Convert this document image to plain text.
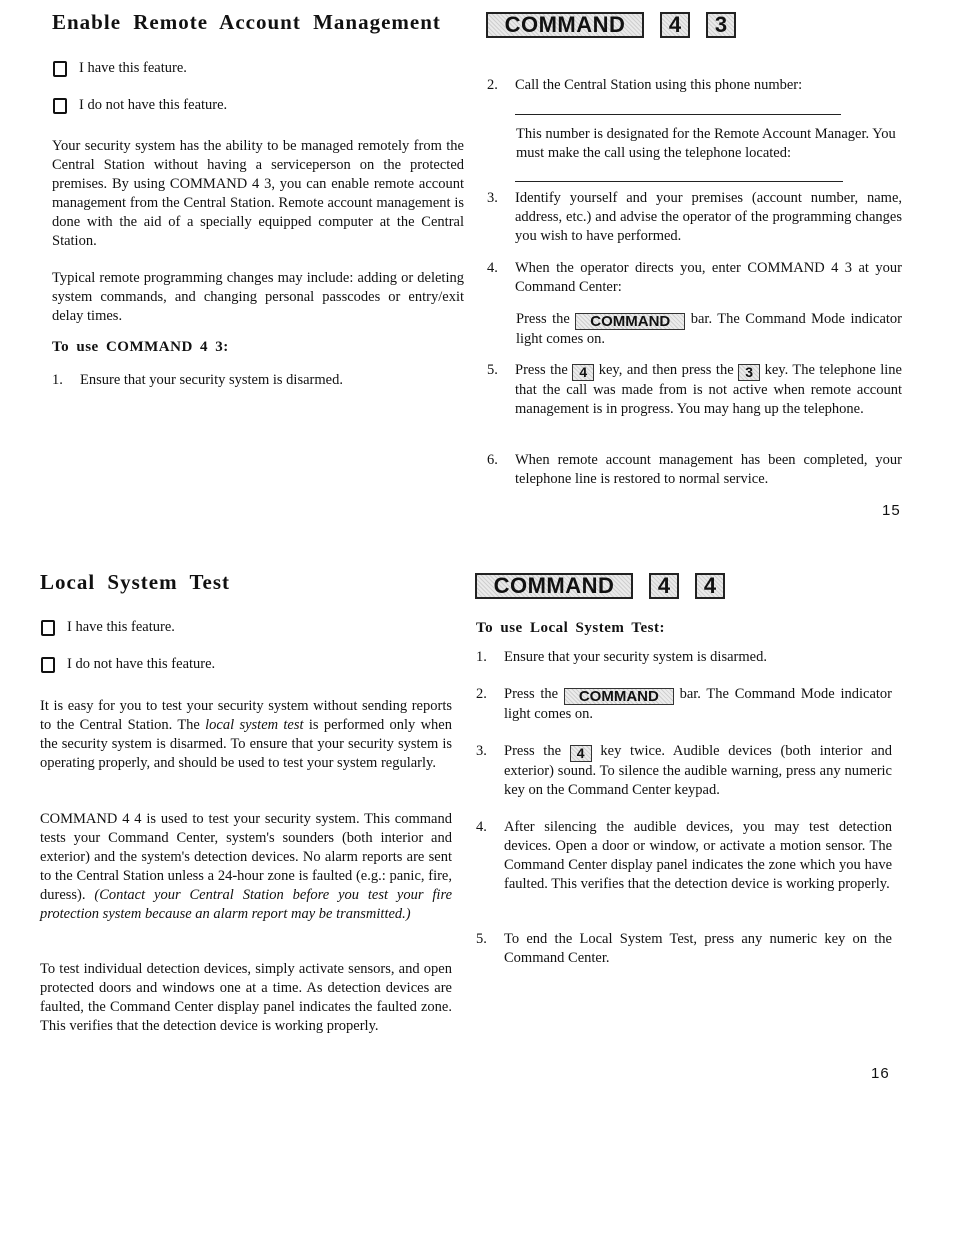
Enable Remote Account Management
I have this feature.
I do not have this feature.
Your security system has the ability to be managed remotely from the Central Station without having a serviceperson on the protected premises. By using COMMAND 4 3, you can enable remote account management from the Central Station. Remote account management is done with the aid of a specially equipped computer at the Central Station.
Typical remote programming changes may include: adding or deleting system commands, and changing personal passcodes or entry/exit delay times.
To use COMMAND 4 3:
1.	Ensure that your security system is disarmed.
COMMAND	4	3
2.	Call the Central Station using this phone number:
This number is designated for the Remote Account Manager. You must make the call using the telephone located:
3.	Identify yourself and your premises (account number, name, address, etc.) and advise the operator of the programming changes you wish to have performed.
4.	When the operator directs you, enter COMMAND 4 3 at your Command Center:
Press the COMMAND bar. The Command Mode indicator light comes on.
5.	Press the 4 key, and then press the 3 key. The telephone line that the call was made from is not active when remote account management is in progress. You may hang up the telephone.
6.	When remote account management has been completed, your telephone line is restored to normal service.
15
Local System Test
I have this feature.
I do not have this feature.
It is easy for you to test your security system without sending reports to the Central Station. The local system test is performed only when the security system is disarmed. To ensure that your security system is operating properly, and should be used to test your system regularly.
COMMAND 4 4 is used to test your security system. This command tests your Command Center, system's sounders (both interior and exterior) and the system's detection devices. No alarm reports are sent to the Central Station unless a 24-hour zone is faulted (e.g.: panic, fire, duress). (Contact your Central Station before you test your fire protection system because an alarm report may be transmitted.)
To test individual detection devices, simply activate sensors, and open protected doors and windows one at a time. As detection devices are faulted, the Command Center display panel indicates the faulted zone. This verifies that the detection device is working properly.
COMMAND	4	4
To use Local System Test:
1.	Ensure that your security system is disarmed.
2.	Press the COMMAND bar. The Command Mode indicator light comes on.
3.	Press the 4 key twice. Audible devices (both interior and exterior) sound. To silence the audible warning, press any numeric key on the Command Center keypad.
4.	After silencing the audible devices, you may test detection devices. Open a door or window, or activate a motion sensor. The Command Center display panel indicates the zone which you have faulted. This verifies that the detection device is working properly.
5.	To end the Local System Test, press any numeric key on the Command Center.
16
